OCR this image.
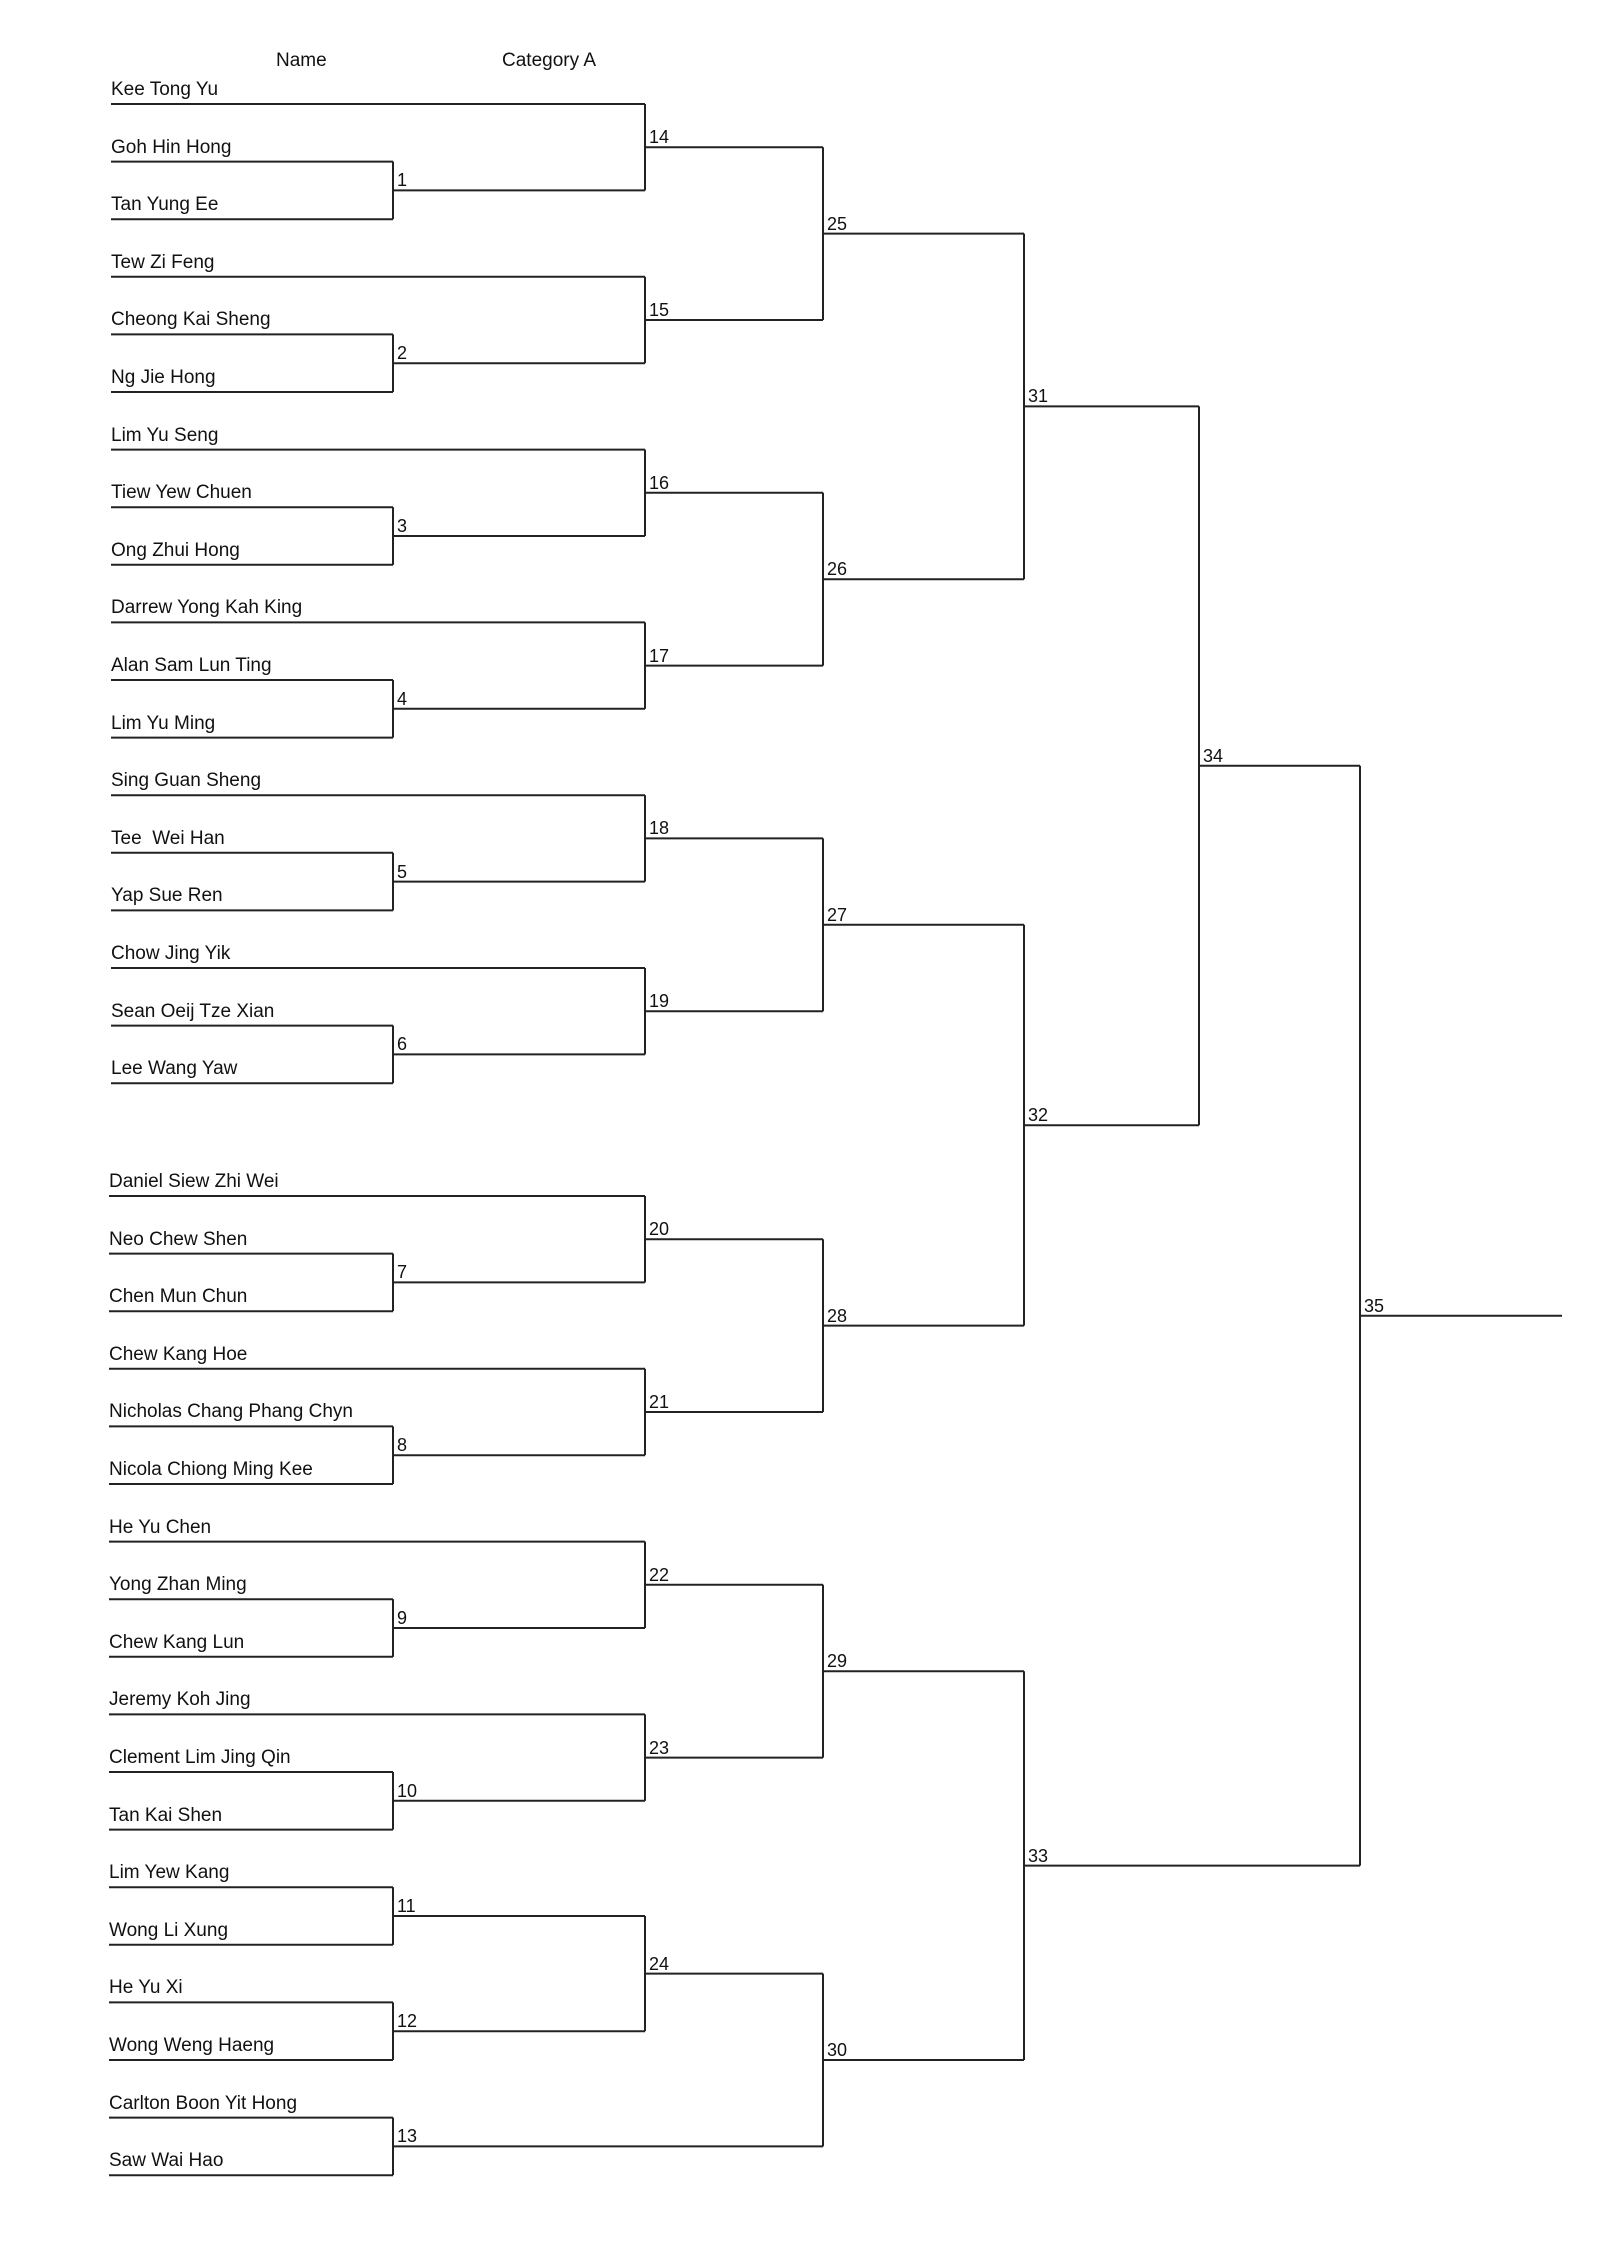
Name	Category A
Kee Tong Yu
Goh Hin Hong
Tan Yung Ee
Tew Zi Feng
Cheong Kai Sheng
Ng Jie Hong
Lim Yu Seng
Tiew Yew Chuen
Ong Zhui Hong
Darrew Yong Kah King
Alan Sam Lun Ting
Lim Yu Ming
Sing Guan Sheng
Tee  Wei Han
Yap Sue Ren
Chow Jing Yik
Sean Oeij Tze Xian
Lee Wang Yaw
Daniel Siew Zhi Wei
Neo Chew Shen
Chen Mun Chun
Chew Kang Hoe
Nicholas Chang Phang Chyn
Nicola Chiong Ming Kee
He Yu Chen
Yong Zhan Ming
Chew Kang Lun
Jeremy Koh Jing
Clement Lim Jing Qin
Tan Kai Shen
Lim Yew Kang
Wong Li Xung
He Yu Xi
Wong Weng Haeng
Carlton Boon Yit Hong
Saw Wai Hao
1
2
3
4
5
6
7
8
9
10
11
12
13
14
15
16
17
18
19
20
21
22
23
24
25
26
27
28
29
30
31
32
33
34
35
